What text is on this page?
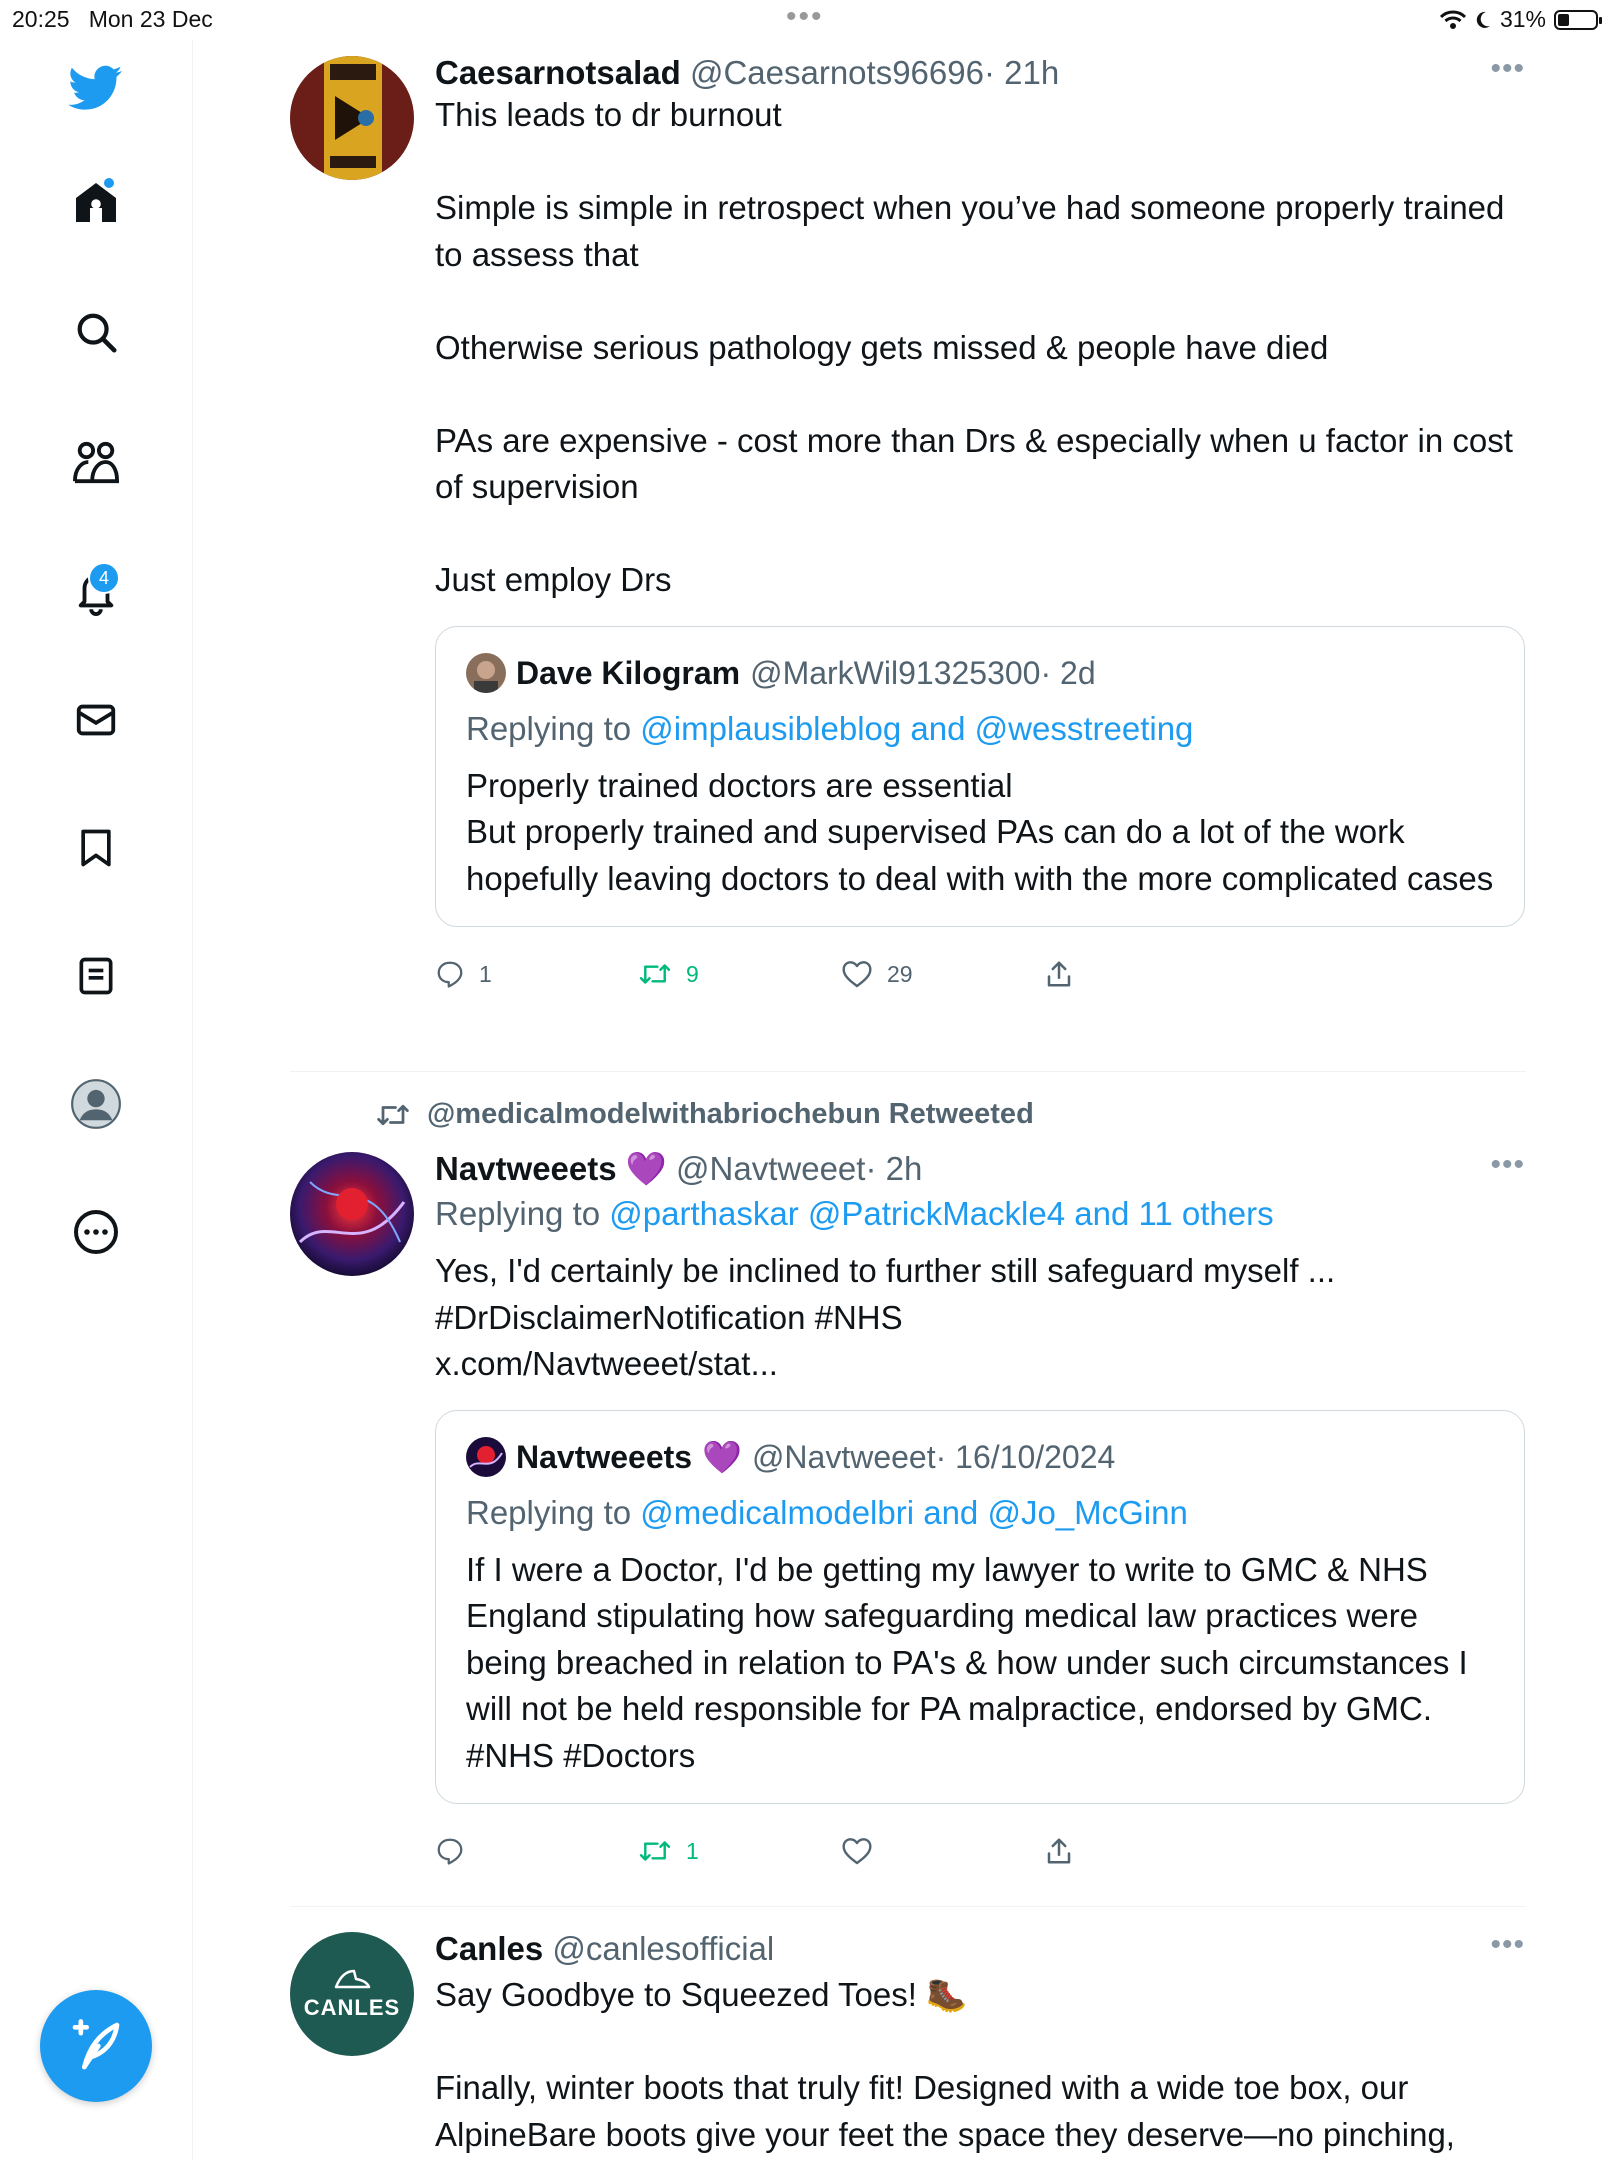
20:25 Mon 23 Dec	•••	31%
4
Caesarnotsalad @Caesarnots96696· 21h	•••
This leads to dr burnout

Simple is simple in retrospect when you’ve had someone properly trained to assess that

Otherwise serious pathology gets missed & people have died

PAs are expensive - cost more than Drs & especially when u factor in cost of supervision

Just employ Drs
Dave Kilogram @MarkWil91325300· 2d
Replying to @implausibleblog and @wesstreeting
Properly trained doctors are essential
But properly trained and supervised PAs can do a lot of the work hopefully leaving doctors to deal with with the more complicated cases
1	9	29
@medicalmodelwithabriochebun Retweeted
Navtweeets 💜 @Navtweeet· 2h	•••
Replying to @parthaskar @PatrickMackle4 and 11 others
Yes, I'd certainly be inclined to further still safeguard myself ...
#DrDisclaimerNotification #NHS
x.com/Navtweeet/stat...
Navtweeets 💜 @Navtweeet· 16/10/2024
Replying to @medicalmodelbri and @Jo_McGinn
If I were a Doctor, I'd be getting my lawyer to write to GMC & NHS England stipulating how safeguarding medical law practices were being breached in relation to PA's & how under such circumstances I will not be held responsible for PA malpractice, endorsed by GMC. #NHS #Doctors
1
CANLES
Canles @canlesofficial	•••
Say Goodbye to Squeezed Toes! 🥾

Finally, winter boots that truly fit! Designed with a wide toe box, our AlpineBare boots give your feet the space they deserve—no pinching,
